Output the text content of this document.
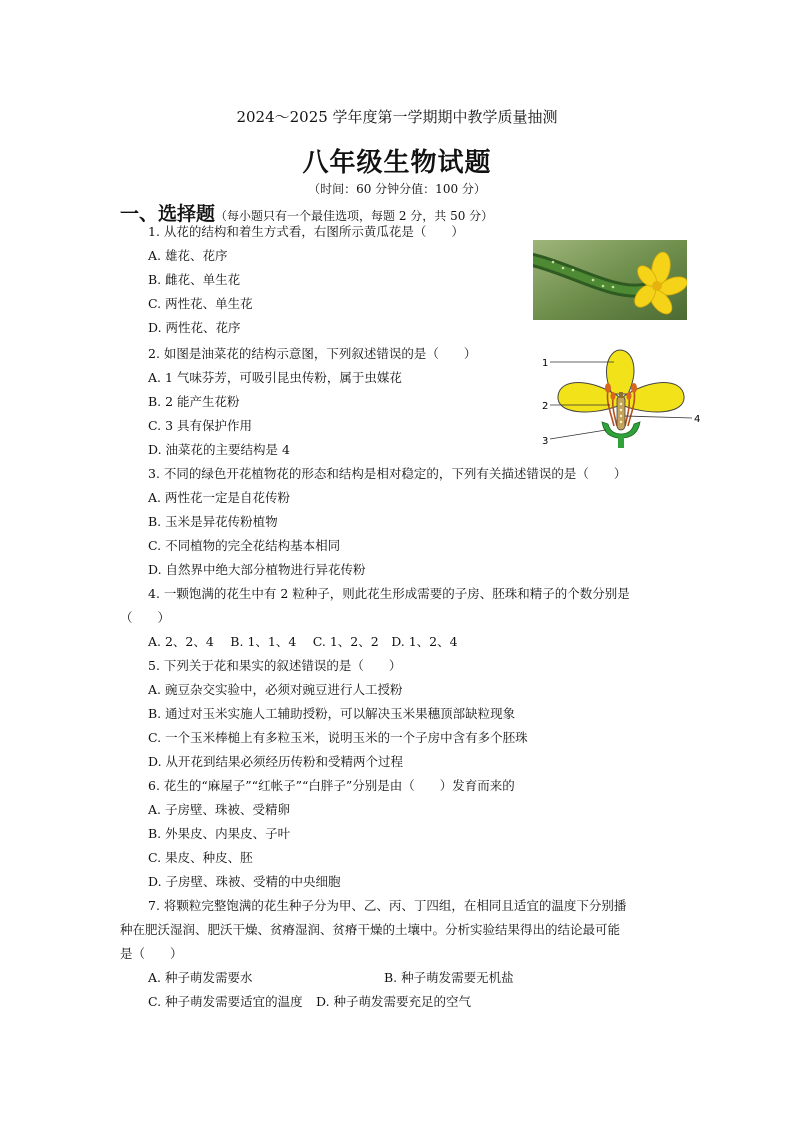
2024～2025 学年度第一学期期中教学质量抽测
八年级生物试题
（时间：60 分钟分值：100 分）
一、选择题（每小题只有一个最佳选项，每题 2 分，共 50 分）
1. 从花的结构和着生方式看，右图所示黄瓜花是（　　）
A. 雄花、花序
B. 雌花、单生花
C. 两性花、单生花
D. 两性花、花序
2. 如图是油菜花的结构示意图，下列叙述错误的是（　　）
A. 1 气味芬芳，可吸引昆虫传粉，属于虫媒花
B. 2 能产生花粉
C. 3 具有保护作用
D. 油菜花的主要结构是 4
1
2
3
4
3. 不同的绿色开花植物花的形态和结构是相对稳定的，下列有关描述错误的是（　　）
A. 两性花一定是自花传粉
B. 玉米是异花传粉植物
C. 不同植物的完全花结构基本相同
D. 自然界中绝大部分植物进行异花传粉
4. 一颗饱满的花生中有 2 粒种子，则此花生形成需要的子房、胚珠和精子的个数分别是
（　　）
A. 2、2、4　 B. 1、1、4　 C. 1、2、2　D. 1、2、4
5. 下列关于花和果实的叙述错误的是（　　）
A. 豌豆杂交实验中，必须对豌豆进行人工授粉
B. 通过对玉米实施人工辅助授粉，可以解决玉米果穗顶部缺粒现象
C. 一个玉米棒槌上有多粒玉米，说明玉米的一个子房中含有多个胚珠
D. 从开花到结果必须经历传粉和受精两个过程
6. 花生的“麻屋子”“红帐子”“白胖子”分别是由（　　）发育而来的
A. 子房壁、珠被、受精卵
B. 外果皮、内果皮、子叶
C. 果皮、种皮、胚
D. 子房壁、珠被、受精的中央细胞
7. 将颗粒完整饱满的花生种子分为甲、乙、丙、丁四组，在相同且适宜的温度下分别播
种在肥沃湿润、肥沃干燥、贫瘠湿润、贫瘠干燥的土壤中。分析实验结果得出的结论最可能
是（　　）
A. 种子萌发需要水	B. 种子萌发需要无机盐
C. 种子萌发需要适宜的温度 D. 种子萌发需要充足的空气
